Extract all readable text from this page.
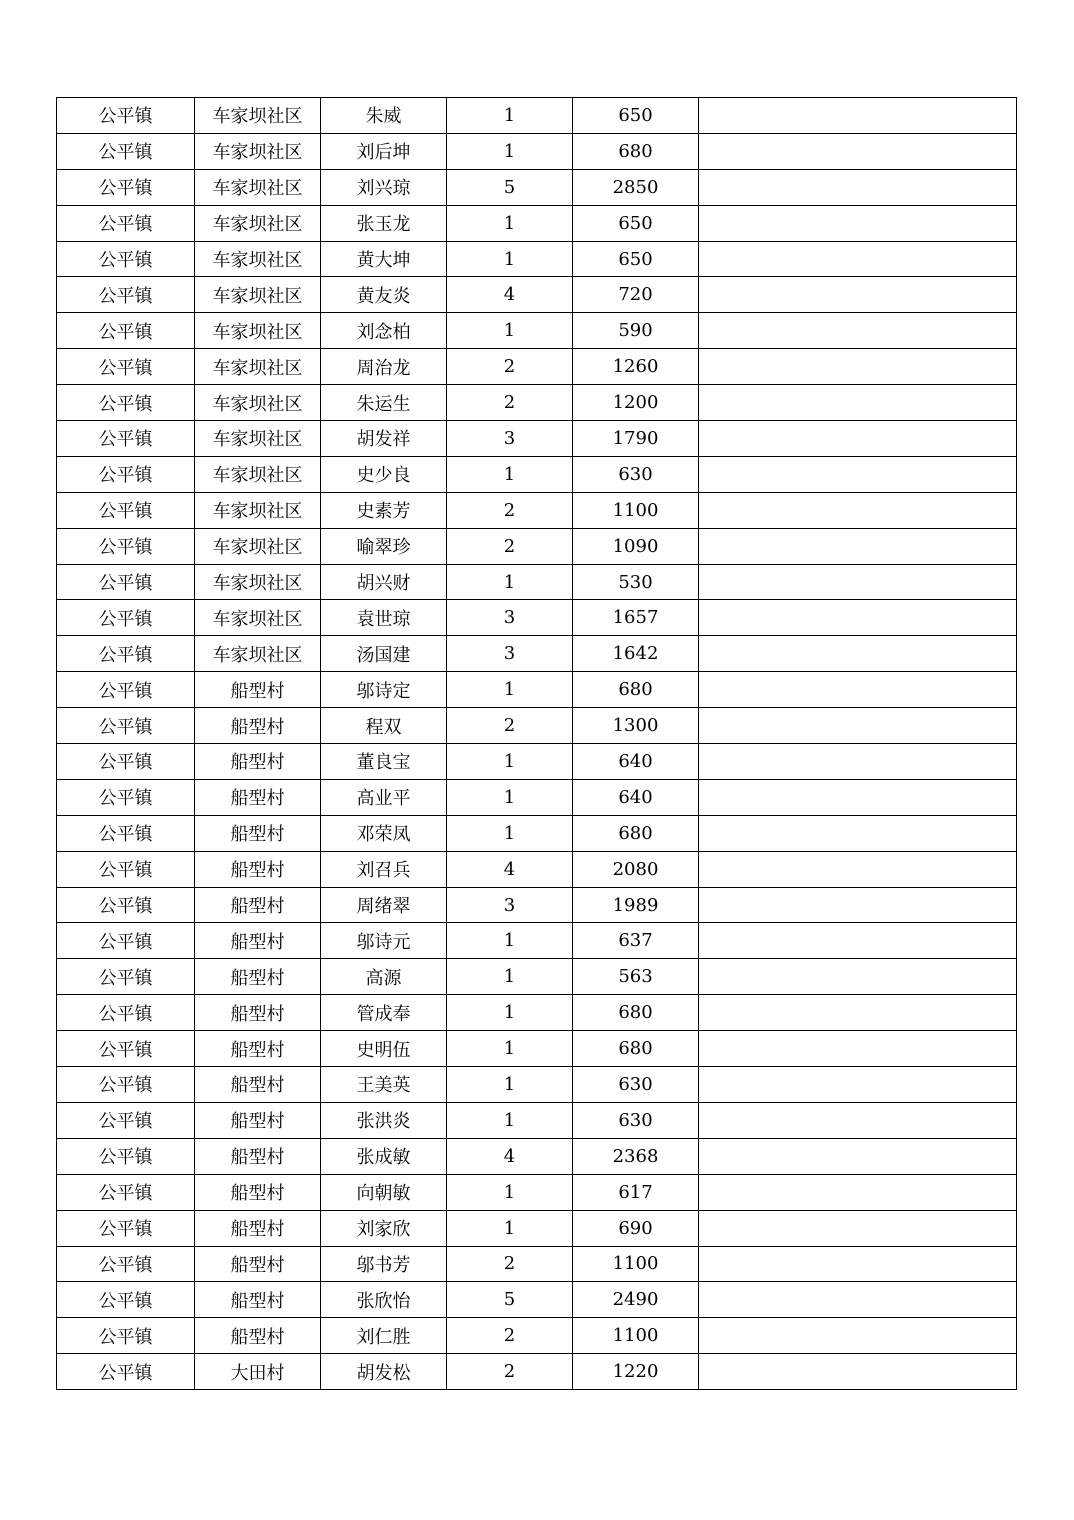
公平镇	车家坝社区	朱威	1	650	
公平镇	车家坝社区	刘后坤	1	680	
公平镇	车家坝社区	刘兴琼	5	2850	
公平镇	车家坝社区	张玉龙	1	650	
公平镇	车家坝社区	黄大坤	1	650	
公平镇	车家坝社区	黄友炎	4	720	
公平镇	车家坝社区	刘念柏	1	590	
公平镇	车家坝社区	周治龙	2	1260	
公平镇	车家坝社区	朱运生	2	1200	
公平镇	车家坝社区	胡发祥	3	1790	
公平镇	车家坝社区	史少良	1	630	
公平镇	车家坝社区	史素芳	2	1100	
公平镇	车家坝社区	喻翠珍	2	1090	
公平镇	车家坝社区	胡兴财	1	530	
公平镇	车家坝社区	袁世琼	3	1657	
公平镇	车家坝社区	汤国建	3	1642	
公平镇	船型村	邬诗定	1	680	
公平镇	船型村	程双	2	1300	
公平镇	船型村	董良宝	1	640	
公平镇	船型村	高业平	1	640	
公平镇	船型村	邓荣凤	1	680	
公平镇	船型村	刘召兵	4	2080	
公平镇	船型村	周绪翠	3	1989	
公平镇	船型村	邬诗元	1	637	
公平镇	船型村	高源	1	563	
公平镇	船型村	管成奉	1	680	
公平镇	船型村	史明伍	1	680	
公平镇	船型村	王美英	1	630	
公平镇	船型村	张洪炎	1	630	
公平镇	船型村	张成敏	4	2368	
公平镇	船型村	向朝敏	1	617	
公平镇	船型村	刘家欣	1	690	
公平镇	船型村	邬书芳	2	1100	
公平镇	船型村	张欣怡	5	2490	
公平镇	船型村	刘仁胜	2	1100	
公平镇	大田村	胡发松	2	1220	
